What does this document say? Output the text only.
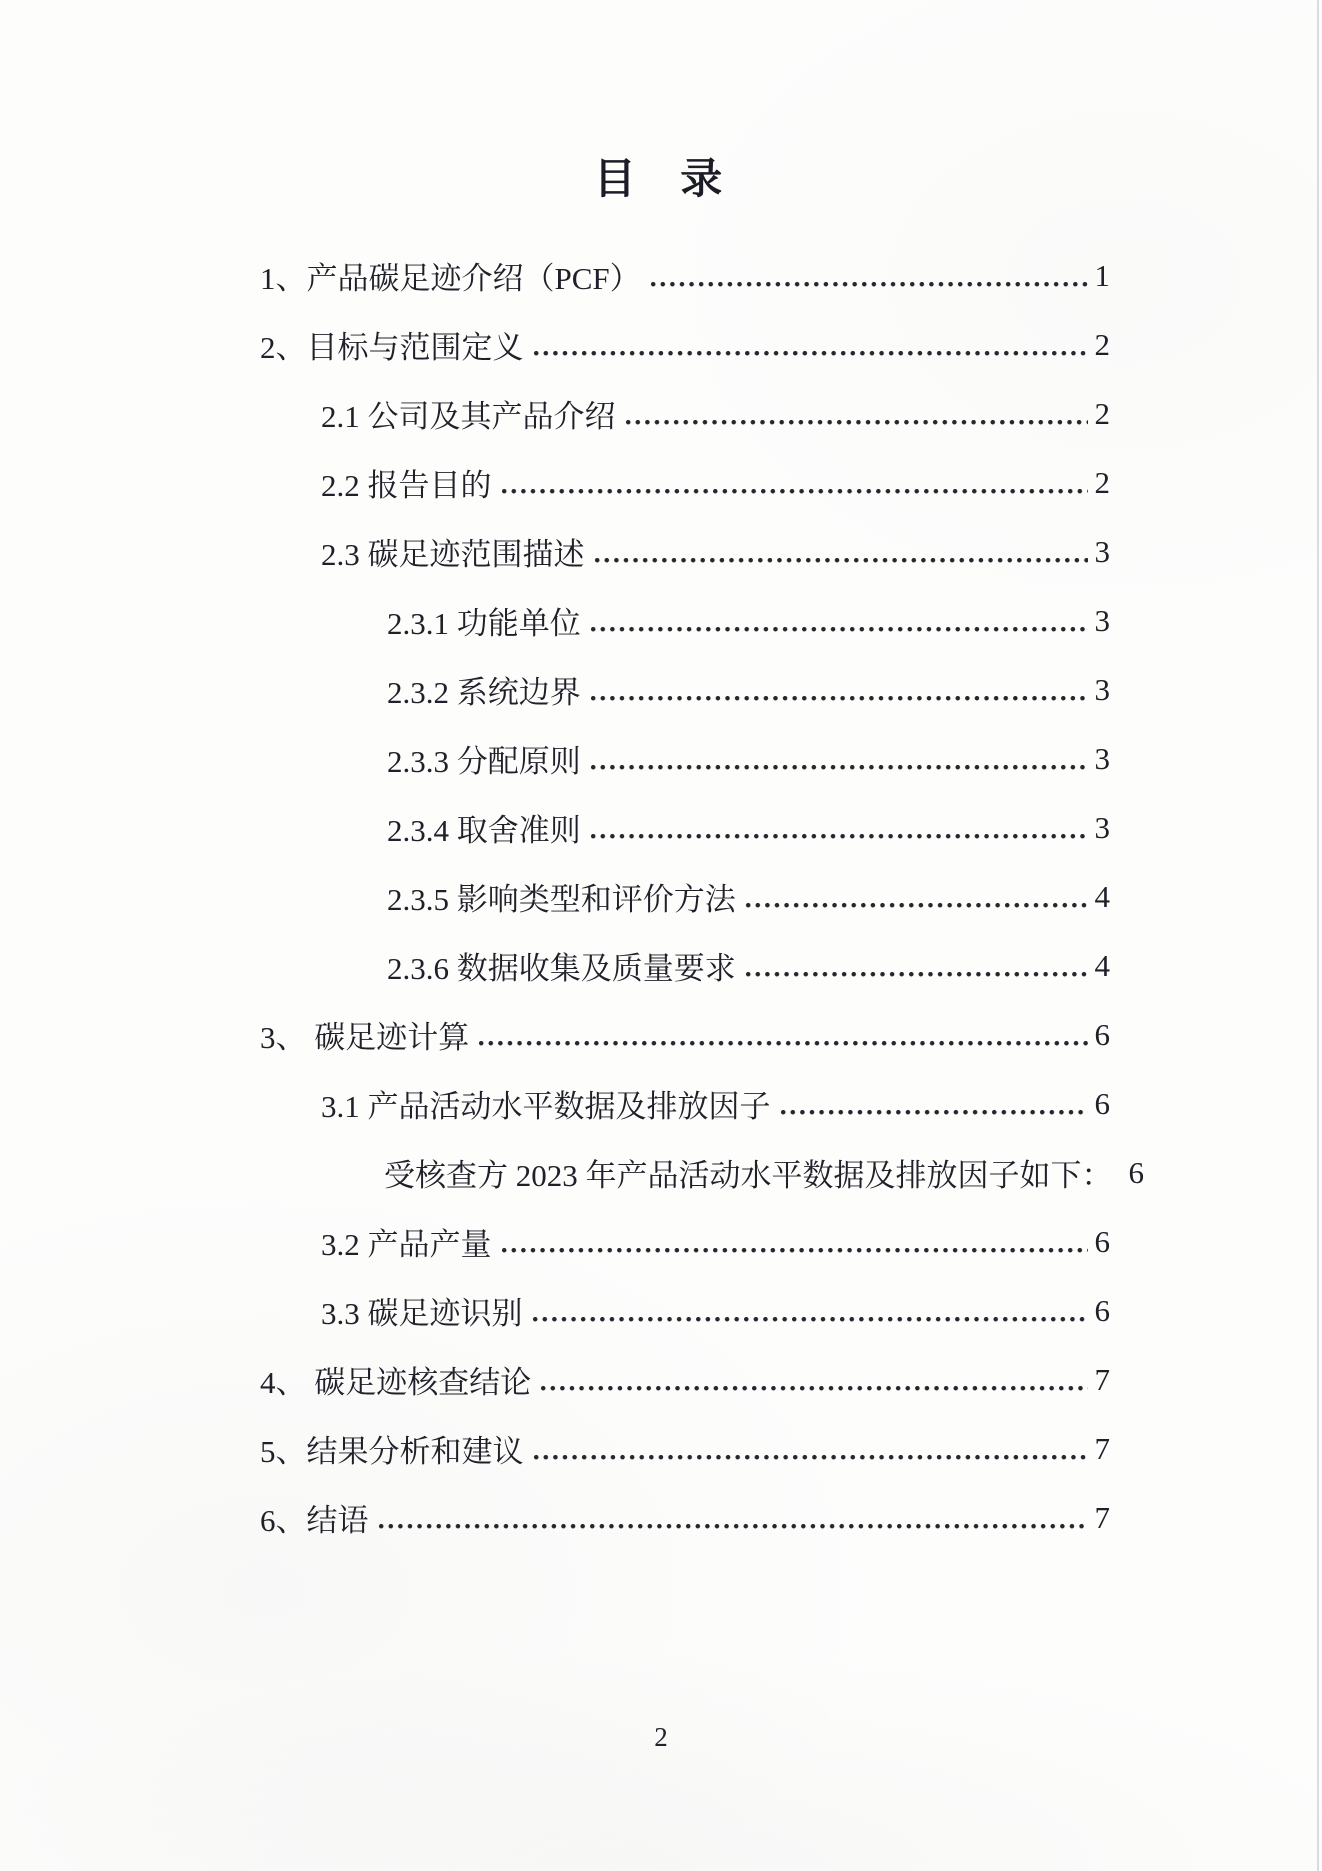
目 录
1、产品碳足迹介绍（PCF）	1
2、目标与范围定义	2
2.1 公司及其产品介绍	2
2.2 报告目的	2
2.3 碳足迹范围描述	3
2.3.1 功能单位	3
2.3.2 系统边界	3
2.3.3 分配原则	3
2.3.4 取舍准则	3
2.3.5 影响类型和评价方法	4
2.3.6 数据收集及质量要求	4
3、 碳足迹计算	6
3.1 产品活动水平数据及排放因子	6
受核查方 2023 年产品活动水平数据及排放因子如下： 6
3.2 产品产量	6
3.3 碳足迹识别	6
4、 碳足迹核查结论	7
5、结果分析和建议	7
6、结语	7
2
